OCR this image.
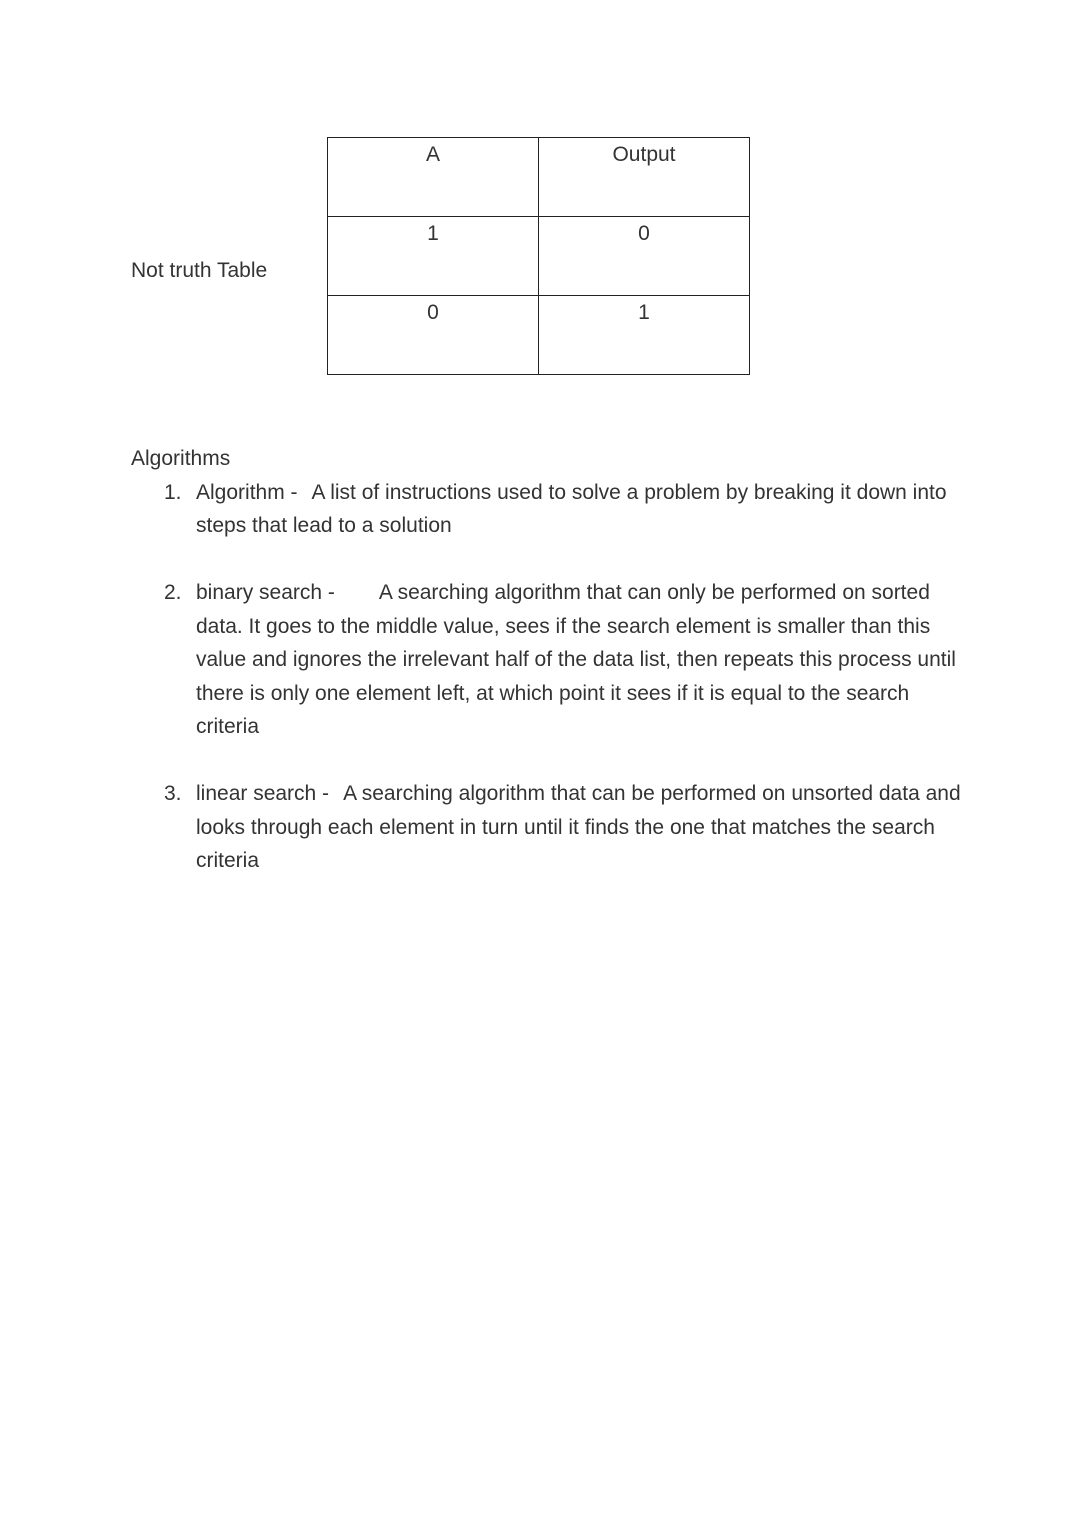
Not truth Table
A	Output

1	0

0	1
Algorithms
1. Algorithm - A list of instructions used to solve a problem by breaking it down into steps that lead to a solution
2. binary search - A searching algorithm that can only be performed on sorted data. It goes to the middle value, sees if the search element is smaller than this value and ignores the irrelevant half of the data list, then repeats this process until there is only one element left, at which point it sees if it is equal to the search criteria
3. linear search - A searching algorithm that can be performed on unsorted data and looks through each element in turn until it finds the one that matches the search criteria
